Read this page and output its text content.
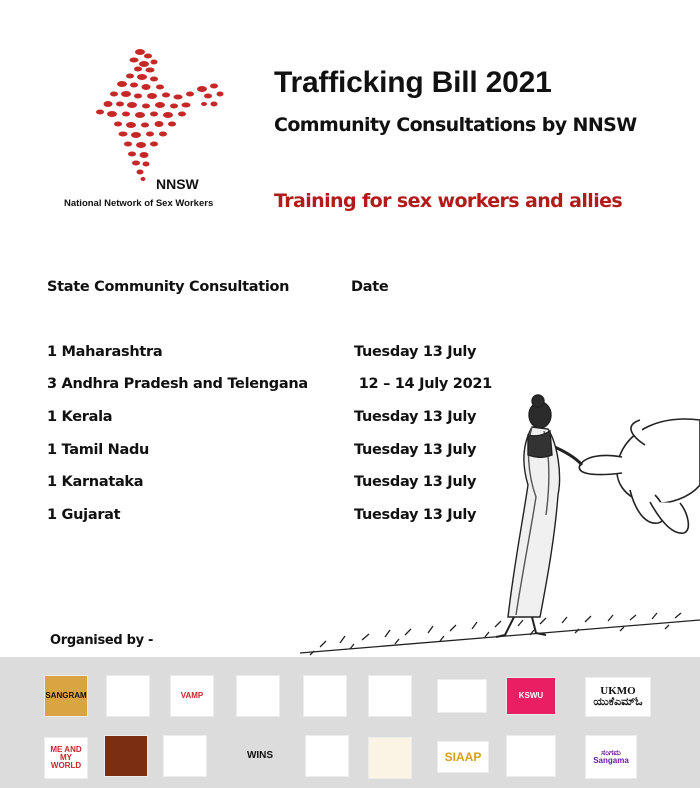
NNSW
National Network of Sex Workers
Trafficking Bill 2021
Community Consultations by NNSW
Training for sex workers and allies
State Community Consultation	Date
1 Maharashtra	Tuesday 13 July
3 Andhra Pradesh and Telengana	12 – 14 July 2021
1 Kerala	Tuesday 13 July
1 Tamil Nadu	Tuesday 13 July
1 Karnataka	Tuesday 13 July
1 Gujarat	Tuesday 13 July
Organised by -
SANGRAM	VAMP	KSWU	UKMO
ಯುಕೆಎಮ್ಓ
ME AND MY WORLD
WINS	SIAAP	ಸಂಗಮ
Sangama
